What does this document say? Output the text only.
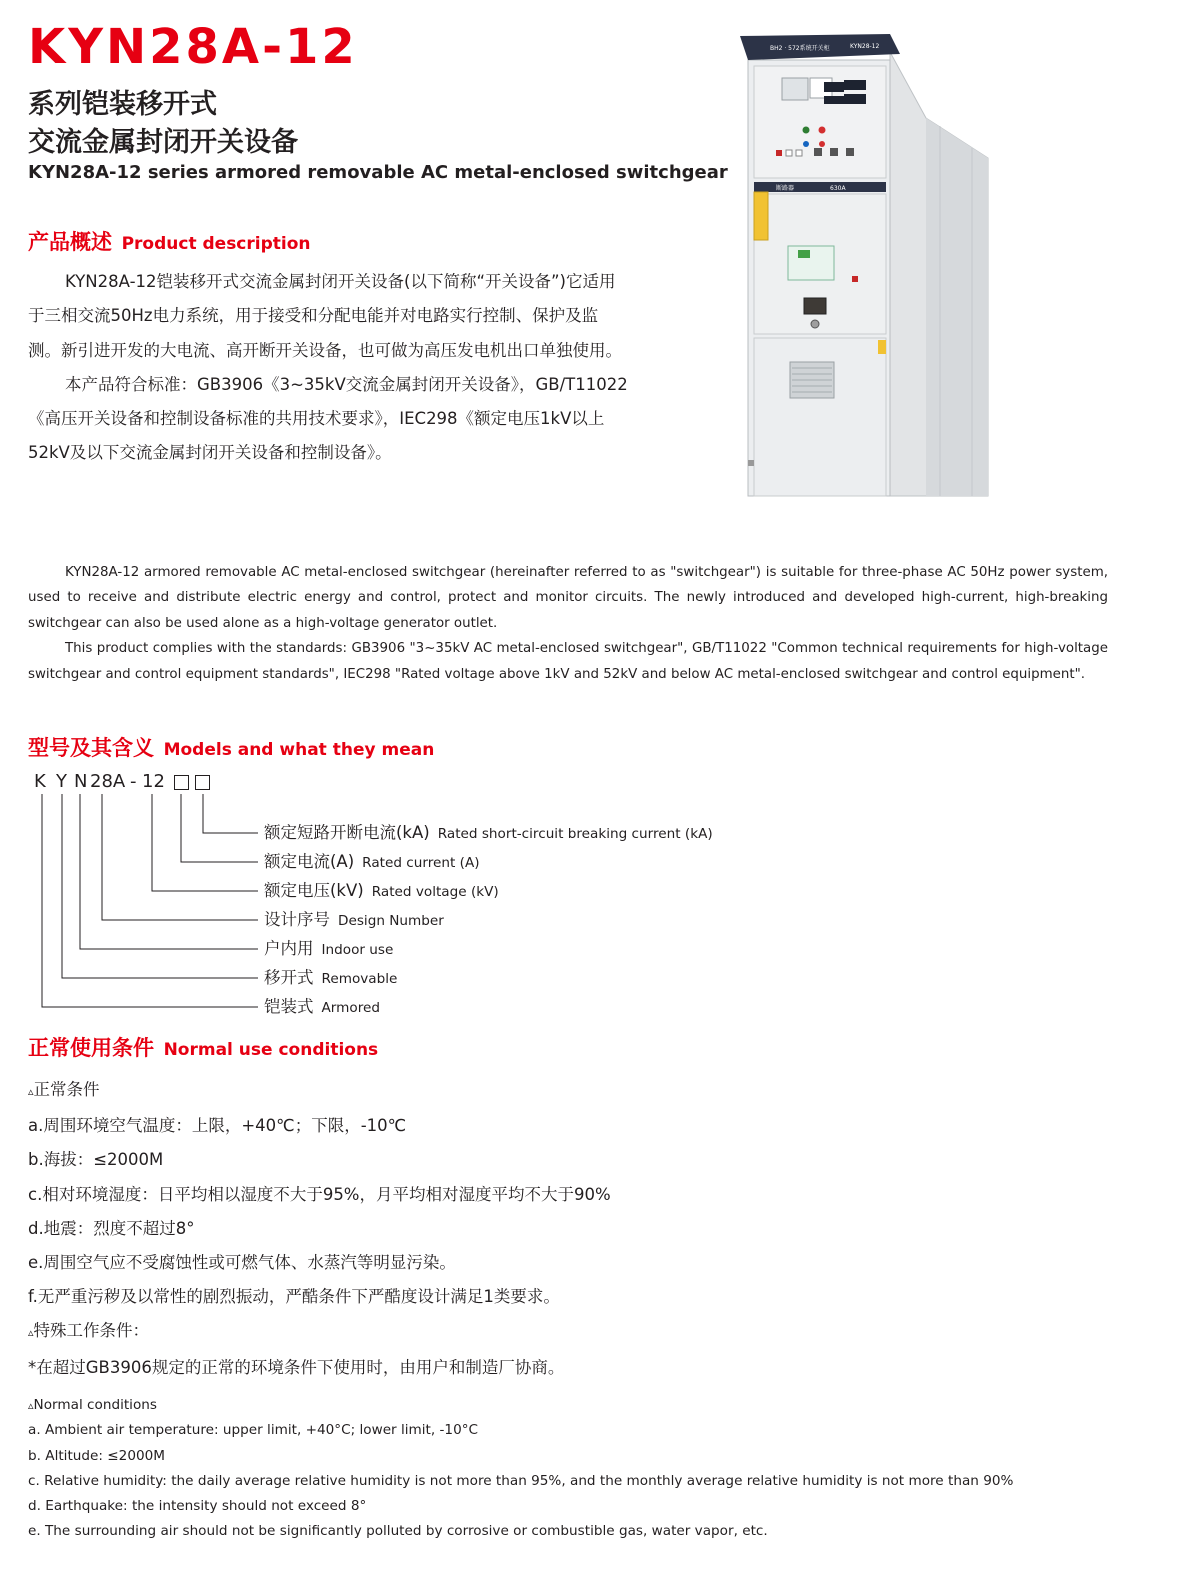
KYN28A-12
系列铠装移开式
交流金属封闭开关设备
KYN28A-12 series armored removable AC metal-enclosed switchgear
BH2 · 572系统开关柜	KYN28-12
断路器	630A
产品概述 Product description

KYN28A-12铠装移开式交流金属封闭开关设备(以下简称“开关设备”)它适用于三相交流50Hz电力系统，用于接受和分配电能并对电路实行控制、保护及监测。新引进开发的大电流、高开断开关设备，也可做为高压发电机出口单独使用。

本产品符合标准：GB3906《3~35kV交流金属封闭开关设备》，GB/T11022《高压开关设备和控制设备标准的共用技术要求》，IEC298《额定电压1kV以上52kV及以下交流金属封闭开关设备和控制设备》。

KYN28A-12 armored removable AC metal-enclosed switchgear (hereinafter referred to as "switchgear") is suitable for three-phase AC 50Hz power system, used to receive and distribute electric energy and control, protect and monitor circuits. The newly introduced and developed high-current, high-breaking switchgear can also be used alone as a high-voltage generator outlet.

This product complies with the standards: GB3906 "3~35kV AC metal-enclosed switchgear", GB/T11022 "Common technical requirements for high-voltage switchgear and control equipment standards", IEC298 "Rated voltage above 1kV and 52kV and below AC metal-enclosed switchgear and control equipment".

型号及其含义 Models and what they mean
K Y N 28A - 12
额定短路开断电流(kA) Rated short-circuit breaking current (kA)
额定电流(A) Rated current (A)
额定电压(kV) Rated voltage (kV)
设计序号 Design Number
户内用 Indoor use
移开式 Removable
铠装式 Armored
正常使用条件 Normal use conditions
▵正常条件
a.周围环境空气温度：上限，+40℃；下限，-10℃
b.海拔：≤2000M
c.相对环境湿度：日平均相以湿度不大于95%，月平均相对湿度平均不大于90%
d.地震：烈度不超过8°
e.周围空气应不受腐蚀性或可燃气体、水蒸汽等明显污染。
f.无严重污秽及以常性的剧烈振动，严酷条件下严酷度设计满足1类要求。
▵特殊工作条件：
*在超过GB3906规定的正常的环境条件下使用时，由用户和制造厂协商。
▵Normal conditions
a. Ambient air temperature: upper limit, +40°C; lower limit, -10°C
b. Altitude: ≤2000M
c. Relative humidity: the daily average relative humidity is not more than 95%, and the monthly average relative humidity is not more than 90%
d. Earthquake: the intensity should not exceed 8°
e. The surrounding air should not be significantly polluted by corrosive or combustible gas, water vapor, etc.
